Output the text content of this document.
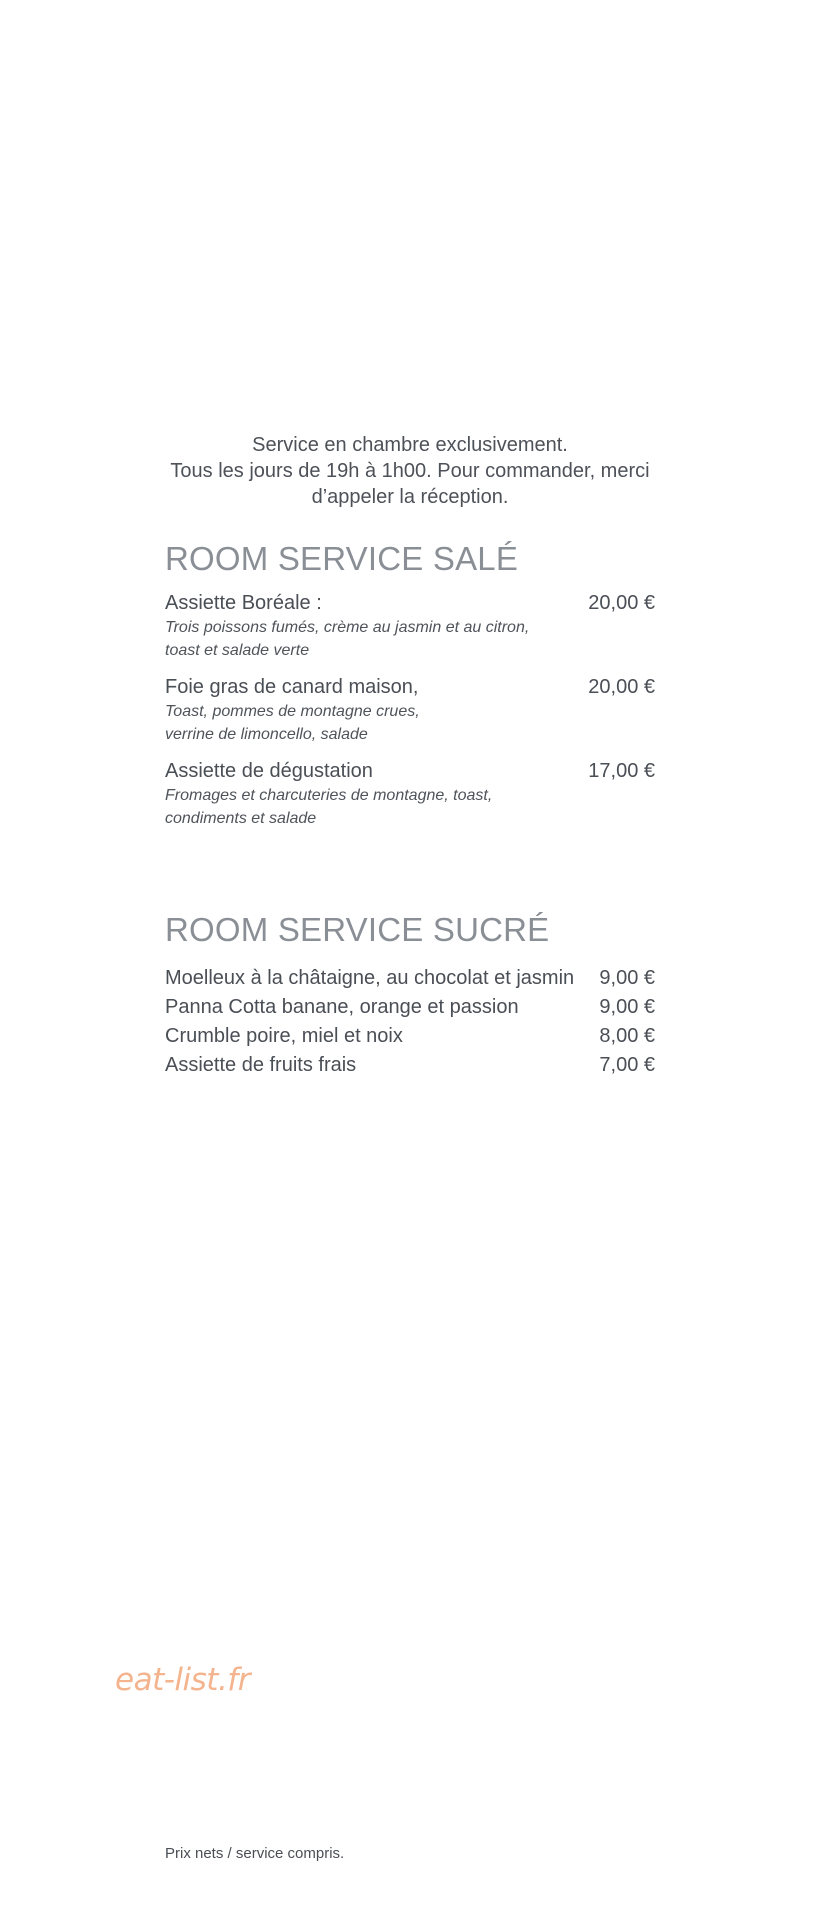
Service en chambre exclusivement.
Tous les jours de 19h à 1h00. Pour commander, merci
d’appeler la réception.
ROOM SERVICE SALÉ
Assiette Boréale :	20,00 €
Trois poissons fumés, crème au jasmin et au citron,
toast et salade verte
Foie gras de canard maison,	20,00 €
Toast, pommes de montagne crues,
verrine de limoncello, salade
Assiette de dégustation	17,00 €
Fromages et charcuteries de montagne, toast,
condiments et salade
ROOM SERVICE SUCRÉ
Moelleux à la châtaigne, au chocolat et jasmin 9,00 €
Panna Cotta banane, orange et passion	9,00 €
Crumble poire, miel et noix	8,00 €
Assiette de fruits frais	7,00 €
eat-list.fr
Prix nets / service compris.
